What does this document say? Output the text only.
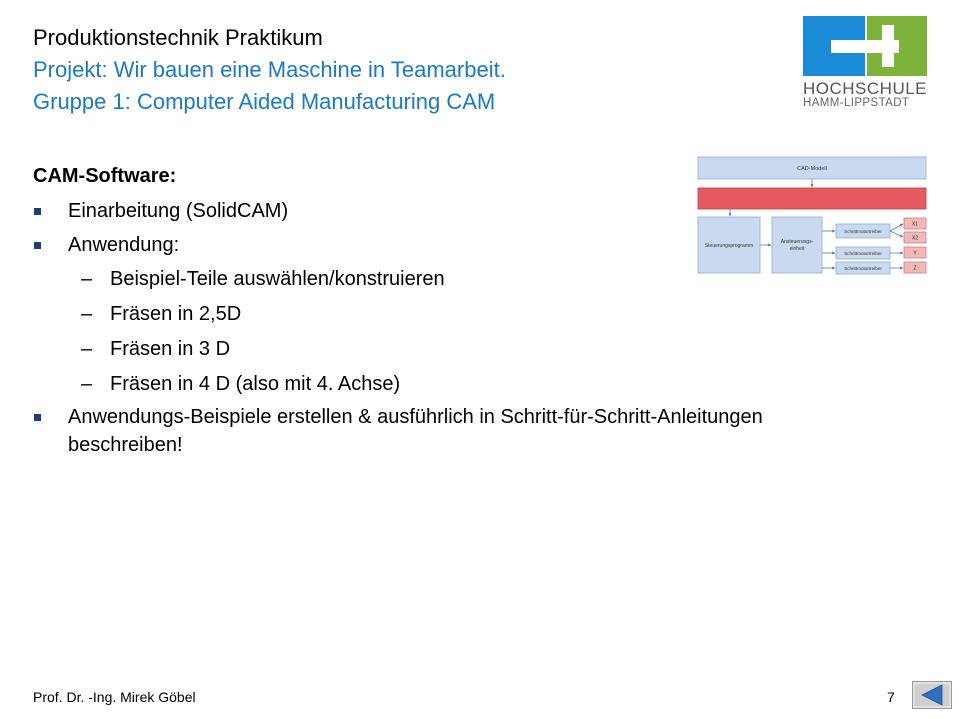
Produktionstechnik Praktikum
Projekt: Wir bauen eine Maschine in Teamarbeit.
Gruppe 1: Computer Aided Manufacturing CAM
HOCHSCHULE
HAMM-LIPPSTADT
CAM-Software:
Einarbeitung (SolidCAM)
Anwendung:
– Beispiel-Teile auswählen/konstruieren
– Fräsen in 2,5D
– Fräsen in 3 D
– Fräsen in 4 D (also mit 4. Achse)
Anwendungs-Beispiele erstellen & ausführlich in Schritt-für-Schritt-Anleitungen
beschreiben!
CAD-Modell
Steuerungsprogramm
Ansteuerungs-
einheit
Schrittmotortreiber
Schrittmotortreiber
Schrittmotortreiber
X1
X2
Y
Z
Prof. Dr. -Ing. Mirek Göbel	7
